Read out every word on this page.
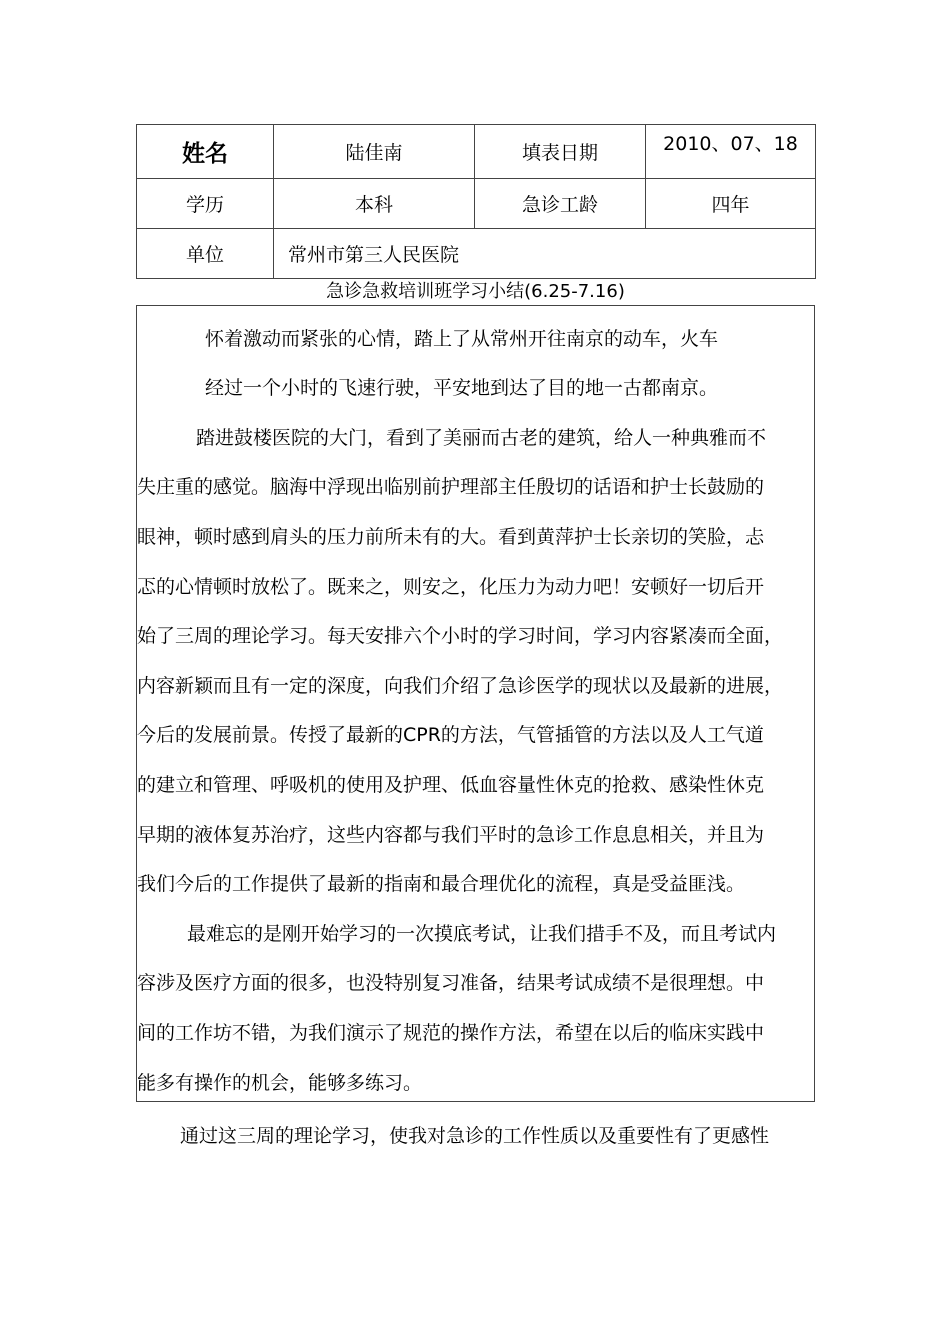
姓名	陆佳南	填表日期	2010、07、18
学历	本科	急诊工龄	四年
单位	常州市第三人民医院		
急诊急救培训班学习小结(6.25-7.16)
怀着激动而紧张的心情，踏上了从常州开往南京的动车，火车
经过一个小时的飞速行驶，平安地到达了目的地一古都南京。
踏进鼓楼医院的大门，看到了美丽而古老的建筑，给人一种典雅而不
失庄重的感觉。脑海中浮现出临别前护理部主任殷切的话语和护士长鼓励的
眼神，顿时感到肩头的压力前所未有的大。看到黄萍护士长亲切的笑脸，忐
忑的心情顿时放松了。既来之，则安之，化压力为动力吧！安顿好一切后开
始了三周的理论学习。每天安排六个小时的学习时间，学习内容紧凑而全面，
内容新颖而且有一定的深度，向我们介绍了急诊医学的现状以及最新的进展，
今后的发展前景。传授了最新的CPR的方法，气管插管的方法以及人工气道
的建立和管理、呼吸机的使用及护理、低血容量性休克的抢救、感染性休克
早期的液体复苏治疗，这些内容都与我们平时的急诊工作息息相关，并且为
我们今后的工作提供了最新的指南和最合理优化的流程，真是受益匪浅。
最难忘的是刚开始学习的一次摸底考试，让我们措手不及，而且考试内
容涉及医疗方面的很多，也没特别复习准备，结果考试成绩不是很理想。中
间的工作坊不错，为我们演示了规范的操作方法，希望在以后的临床实践中
能多有操作的机会，能够多练习。
通过这三周的理论学习，使我对急诊的工作性质以及重要性有了更感性
